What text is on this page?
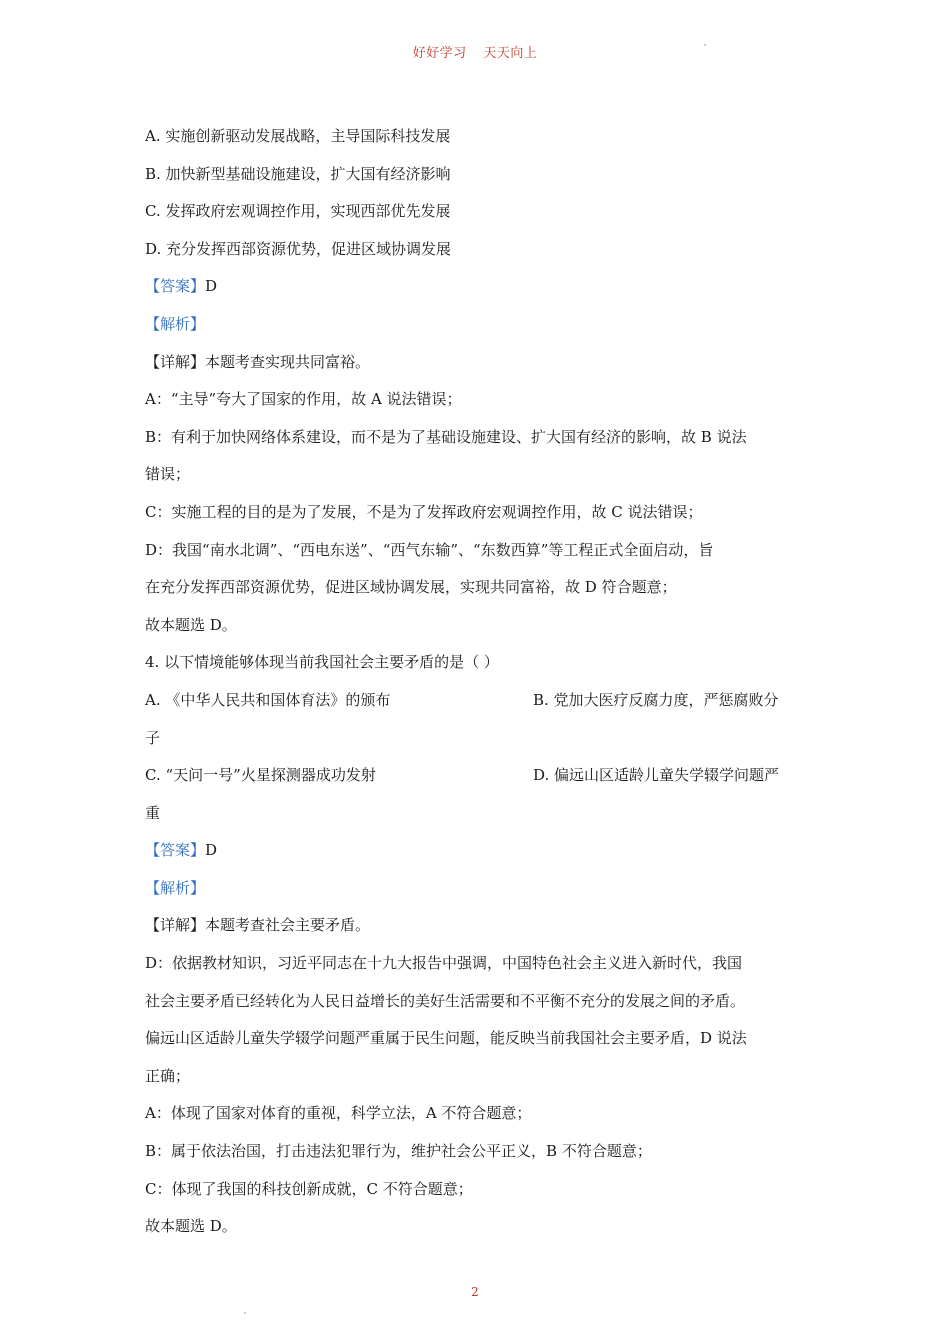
好好学习 天天向上
A. 实施创新驱动发展战略，主导国际科技发展
B. 加快新型基础设施建设，扩大国有经济影响
C. 发挥政府宏观调控作用，实现西部优先发展
D. 充分发挥西部资源优势，促进区域协调发展
【答案】D
【解析】
【详解】本题考查实现共同富裕。
A：“主导”夸大了国家的作用，故 A 说法错误；
B：有利于加快网络体系建设，而不是为了基础设施建设、扩大国有经济的影响，故 B 说法
错误；
C：实施工程的目的是为了发展，不是为了发挥政府宏观调控作用，故 C 说法错误；
D：我国“南水北调”、“西电东送”、“西气东输”、“东数西算”等工程正式全面启动，旨
在充分发挥西部资源优势，促进区域协调发展，实现共同富裕，故 D 符合题意；
故本题选 D。
4. 以下情境能够体现当前我国社会主要矛盾的是（ ）
A. 《中华人民共和国体育法》的颁布	B. 党加大医疗反腐力度，严惩腐败分
子
C. “天问一号”火星探测器成功发射	D. 偏远山区适龄儿童失学辍学问题严
重
【答案】D
【解析】
【详解】本题考查社会主要矛盾。
D：依据教材知识，习近平同志在十九大报告中强调，中国特色社会主义进入新时代，我国
社会主要矛盾已经转化为人民日益增长的美好生活需要和不平衡不充分的发展之间的矛盾。
偏远山区适龄儿童失学辍学问题严重属于民生问题，能反映当前我国社会主要矛盾，D 说法
正确；
A：体现了国家对体育的重视，科学立法，A 不符合题意；
B：属于依法治国，打击违法犯罪行为，维护社会公平正义，B 不符合题意；
C：体现了我国的科技创新成就，C 不符合题意；
故本题选 D。
2
